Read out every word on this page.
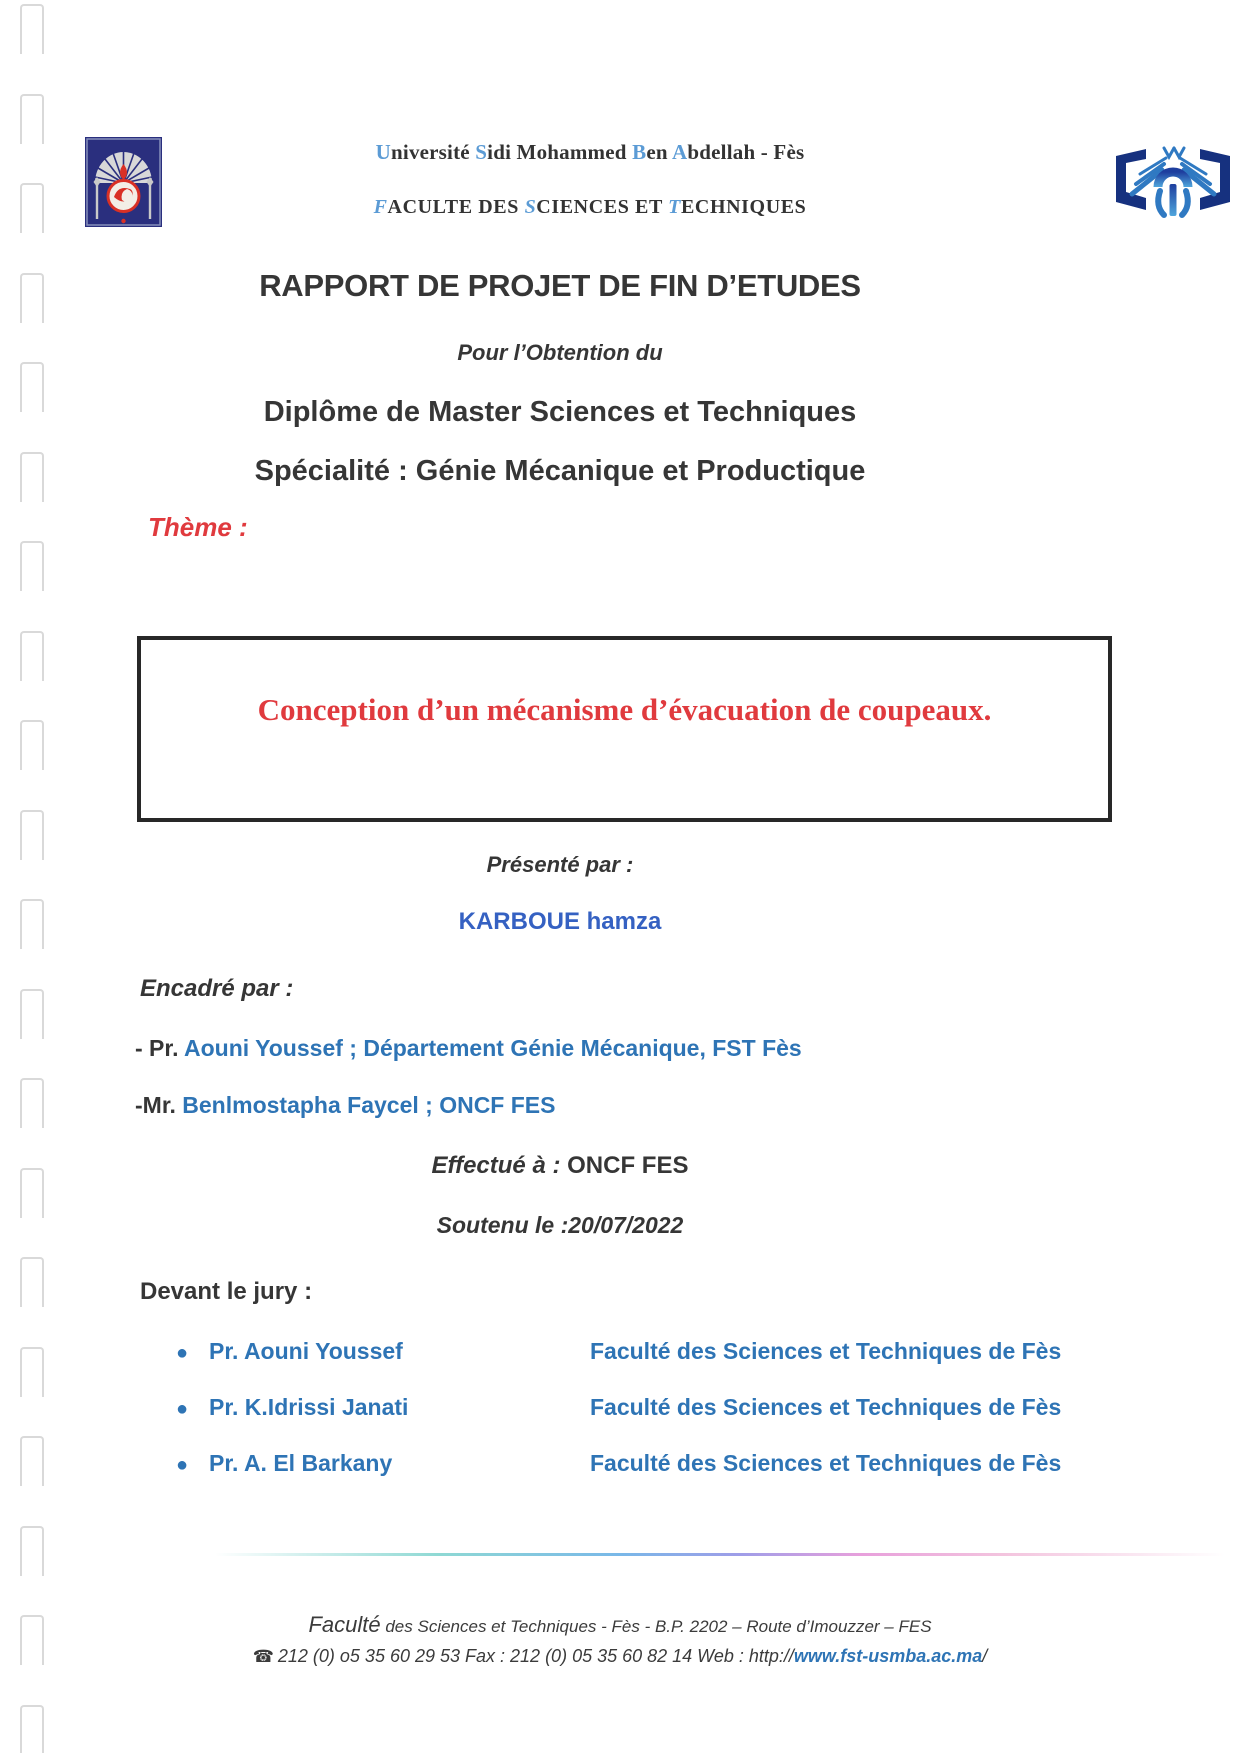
Université Sidi Mohammed Ben Abdellah - Fès
FACULTE DES SCIENCES ET TECHNIQUES
RAPPORT DE PROJET DE FIN D’ETUDES
Pour l’Obtention du
Diplôme de Master Sciences et Techniques
Spécialité : Génie Mécanique et Productique
Thème :
Conception d’un mécanisme d’évacuation de coupeaux.
Présenté par :
KARBOUE hamza
Encadré par :
- Pr. Aouni Youssef ; Département Génie Mécanique, FST Fès
-Mr. Benlmostapha Faycel ; ONCF FES
Effectué à : ONCF FES
Soutenu le :20/07/2022
Devant le jury :
● Pr. Aouni Youssef	Faculté des Sciences et Techniques de Fès
● Pr. K.Idrissi Janati	Faculté des Sciences et Techniques de Fès
● Pr. A. El Barkany	Faculté des Sciences et Techniques de Fès
Faculté des Sciences et Techniques - Fès - B.P. 2202 – Route d’Imouzzer – FES
☎ 212 (0) o5 35 60 29 53 Fax : 212 (0) 05 35 60 82 14 Web : http://www.fst-usmba.ac.ma/
